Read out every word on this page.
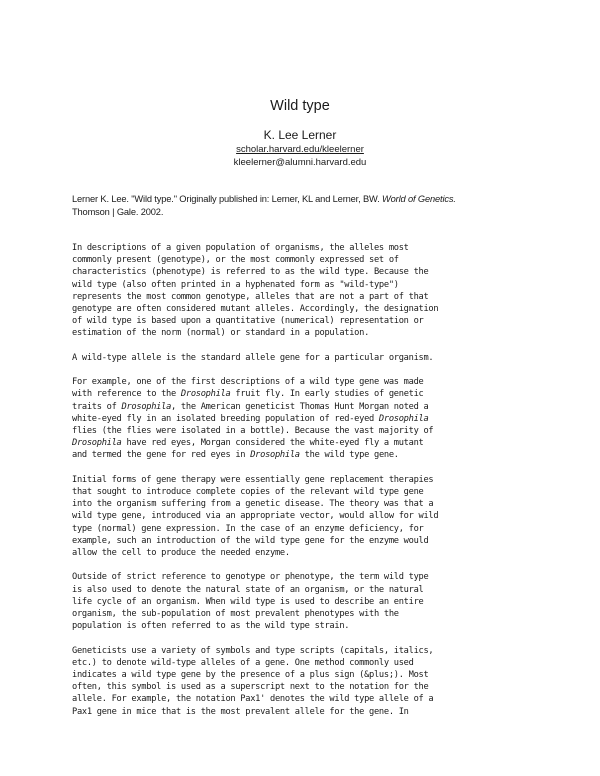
Wild type
K. Lee Lerner
scholar.harvard.edu/kleelerner
kleelerner@alumni.harvard.edu
Lerner K. Lee. "Wild type." Originally published in: Lerner, KL and Lerner, BW. World of Genetics.
Thomson | Gale. 2002.

In descriptions of a given population of organisms, the alleles most
commonly present (genotype), or the most commonly expressed set of
characteristics (phenotype) is referred to as the wild type. Because the
wild type (also often printed in a hyphenated form as "wild-type")
represents the most common genotype, alleles that are not a part of that
genotype are often considered mutant alleles. Accordingly, the designation
of wild type is based upon a quantitative (numerical) representation or
estimation of the norm (normal) or standard in a population.

A wild-type allele is the standard allele gene for a particular organism.

For example, one of the first descriptions of a wild type gene was made
with reference to the Drosophila fruit fly. In early studies of genetic
traits of Drosophila, the American geneticist Thomas Hunt Morgan noted a
white-eyed fly in an isolated breeding population of red-eyed Drosophila
flies (the flies were isolated in a bottle). Because the vast majority of
Drosophila have red eyes, Morgan considered the white-eyed fly a mutant
and termed the gene for red eyes in Drosophila the wild type gene.

Initial forms of gene therapy were essentially gene replacement therapies
that sought to introduce complete copies of the relevant wild type gene
into the organism suffering from a genetic disease. The theory was that a
wild type gene, introduced via an appropriate vector, would allow for wild
type (normal) gene expression. In the case of an enzyme deficiency, for
example, such an introduction of the wild type gene for the enzyme would
allow the cell to produce the needed enzyme.

Outside of strict reference to genotype or phenotype, the term wild type
is also used to denote the natural state of an organism, or the natural
life cycle of an organism. When wild type is used to describe an entire
organism, the sub-population of most prevalent phenotypes with the
population is often referred to as the wild type strain.

Geneticists use a variety of symbols and type scripts (capitals, italics,
etc.) to denote wild-type alleles of a gene. One method commonly used
indicates a wild type gene by the presence of a plus sign (&plus;). Most
often, this symbol is used as a superscript next to the notation for the
allele. For example, the notation Pax1' denotes the wild type allele of a
Pax1 gene in mice that is the most prevalent allele for the gene. In
